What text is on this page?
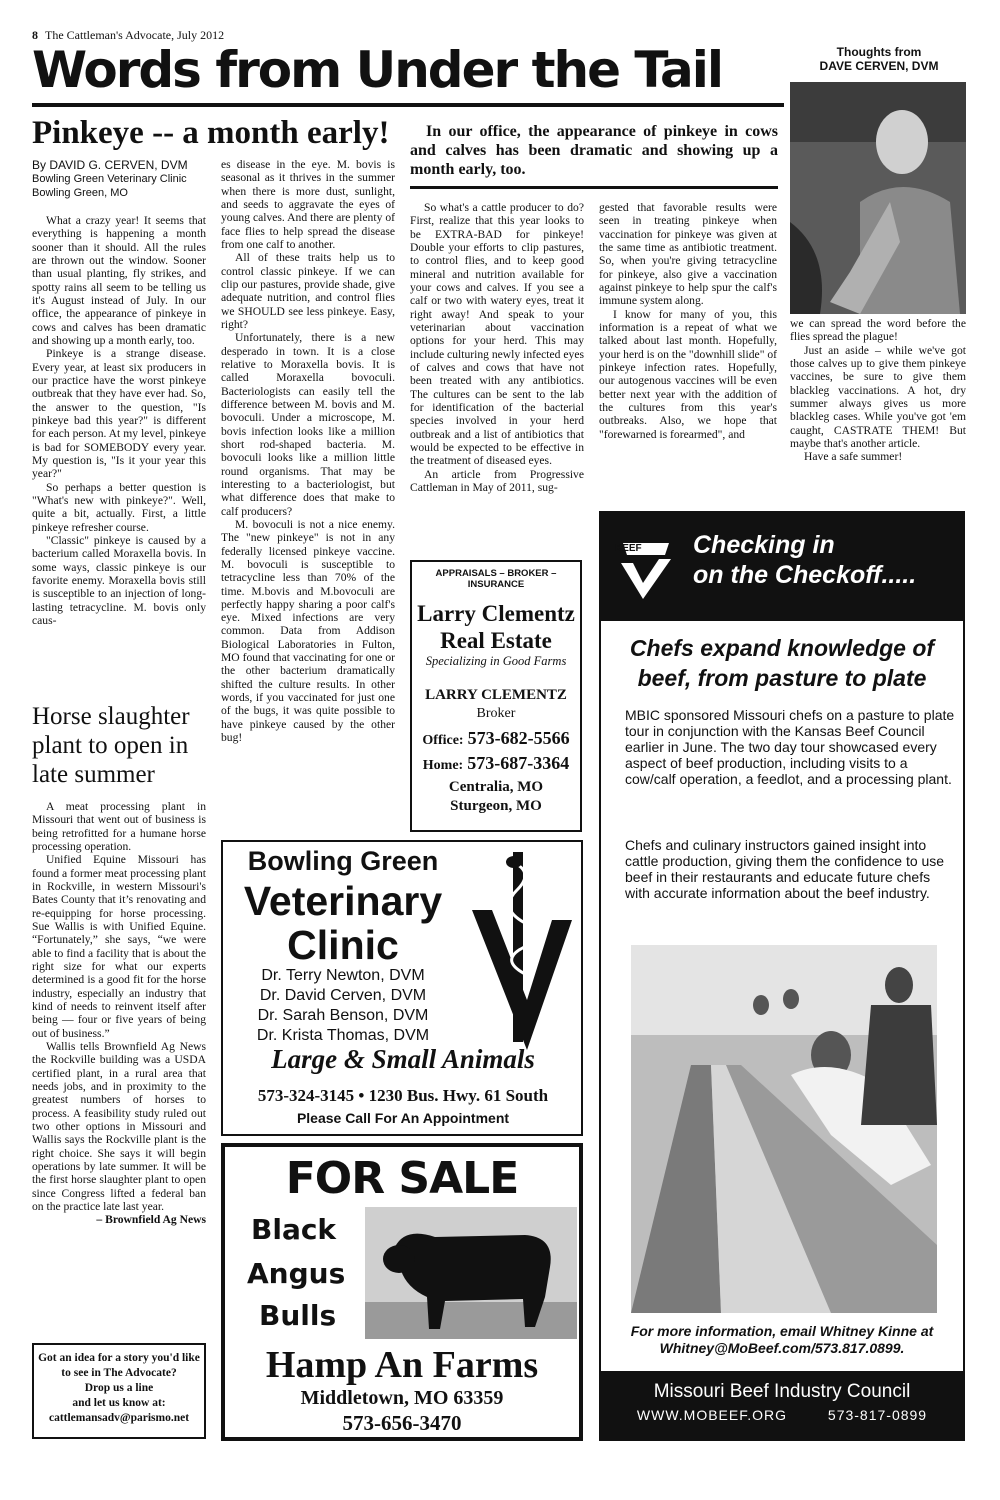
8 The Cattleman's Advocate, July 2012
Words from Under the Tail	Thoughts from
DAVE CERVEN, DVM
Pinkeye -- a month early!	In our office, the appearance of pinkeye in cows and calves has been dramatic and showing up a month early, too.
By DAVID G. CERVEN, DVM
Bowling Green Veterinary Clinic
Bowling Green, MO

What a crazy year! It seems that everything is happening a month sooner than it should. All the rules are thrown out the window. Sooner than usual planting, fly strikes, and spotty rains all seem to be telling us it's August instead of July. In our office, the appearance of pinkeye in cows and calves has been dramatic and showing up a month early, too.

Pinkeye is a strange disease. Every year, at least six producers in our practice have the worst pinkeye outbreak that they have ever had. So, the answer to the question, "Is pinkeye bad this year?" is different for each person. At my level, pinkeye is bad for SOMEBODY every year. My question is, "Is it your year this year?"

So perhaps a better question is "What's new with pinkeye?". Well, quite a bit, actually. First, a little pinkeye refresher course.

"Classic" pinkeye is caused by a bacterium called Moraxella bovis. In some ways, classic pinkeye is our favorite enemy. Moraxella bovis still is susceptible to an injection of long-lasting tetracycline. M. bovis only caus-

es disease in the eye. M. bovis is seasonal as it thrives in the summer when there is more dust, sunlight, and seeds to aggravate the eyes of young calves. And there are plenty of face flies to help spread the disease from one calf to another.

All of these traits help us to control classic pinkeye. If we can clip our pastures, provide shade, give adequate nutrition, and control flies we SHOULD see less pinkeye. Easy, right?

Unfortunately, there is a new desperado in town. It is a close relative to Moraxella bovis. It is called Moraxella bovoculi. Bacteriologists can easily tell the difference between M. bovis and M. bovoculi. Under a microscope, M. bovis infection looks like a million short rod-shaped bacteria. M. bovoculi looks like a million little round organisms. That may be interesting to a bacteriologist, but what difference does that make to calf producers?

M. bovoculi is not a nice enemy. The "new pinkeye" is not in any federally licensed pinkeye vaccine. M. bovoculi is susceptible to tetracycline less than 70% of the time. M.bovis and M.bovoculi are perfectly happy sharing a poor calf's eye. Mixed infections are very common. Data from Addison Biological Laboratories in Fulton, MO found that vaccinating for one or the other bacterium dramatically shifted the culture results. In other words, if you vaccinated for just one of the bugs, it was quite possible to have pinkeye caused by the other bug!

So what's a cattle producer to do? First, realize that this year looks to be EXTRA-BAD for pinkeye! Double your efforts to clip pastures, to control flies, and to keep good mineral and nutrition available for your cows and calves. If you see a calf or two with watery eyes, treat it right away! And speak to your veterinarian about vaccination options for your herd. This may include culturing newly infected eyes of calves and cows that have not been treated with any antibiotics. The cultures can be sent to the lab for identification of the bacterial species involved in your herd outbreak and a list of antibiotics that would be expected to be effective in the treatment of diseased eyes.

An article from Progressive Cattleman in May of 2011, sug-

gested that favorable results were seen in treating pinkeye when vaccination for pinkeye was given at the same time as antibiotic treatment. So, when you're giving tetracycline for pinkeye, also give a vaccination against pinkeye to help spur the calf's immune system along.

I know for many of you, this information is a repeat of what we talked about last month. Hopefully, your herd is on the "downhill slide" of pinkeye infection rates. Hopefully, our autogenous vaccines will be even better next year with the addition of the cultures from this year's outbreaks. Also, we hope that "forewarned is forearmed", and

we can spread the word before the flies spread the plague!

Just an aside – while we've got those calves up to give them pinkeye vaccines, be sure to give them blackleg vaccinations. A hot, dry summer always gives us more blackleg cases. While you've got 'em caught, CASTRATE THEM! But maybe that's another article.

Have a safe summer!

Horse slaughter plant to open in late summer

A meat processing plant in Missouri that went out of business is being retrofitted for a humane horse processing operation.

Unified Equine Missouri has found a former meat processing plant in Rockville, in western Missouri's Bates County that it’s renovating and re-equipping for horse processing. Sue Wallis is with Unified Equine. “Fortunately,” she says, “we were able to find a facility that is about the right size for what our experts determined is a good fit for the horse industry, especially an industry that kind of needs to reinvent itself after being — four or five years of being out of business.”

Wallis tells Brownfield Ag News the Rockville building was a USDA certified plant, in a rural area that needs jobs, and in proximity to the greatest numbers of horses to process. A feasibility study ruled out two other options in Missouri and Wallis says the Rockville plant is the right choice. She says it will begin operations by late summer. It will be the first horse slaughter plant to open since Congress lifted a federal ban on the practice late last year.

– Brownfield Ag News

Got an idea for a story you'd like to see in The Advocate?
Drop us a line
and let us know at:
cattlemansadv@parismo.net
APPRAISALS – BROKER – INSURANCE
Larry Clementz
Real Estate
Specializing in Good Farms
LARRY CLEMENTZ
Broker
Office: 573-682-5566
Home: 573-687-3364
Centralia, MO
Sturgeon, MO
Bowling Green
Veterinary
Clinic
Dr. Terry Newton, DVM
Dr. David Cerven, DVM
Dr. Sarah Benson, DVM
Dr. Krista Thomas, DVM
Large & Small Animals
573-324-3145 • 1230 Bus. Hwy. 61 South
Please Call For An Appointment
FOR SALE
Black
Angus
Bulls
Hamp An Farms
Middletown, MO 63359
573-656-3470
BEEF Checking in
on the Checkoff.....
Chefs expand knowledge of beef, from pasture to plate
MBIC sponsored Missouri chefs on a pasture to plate tour in conjunction with the Kansas Beef Council earlier in June. The two day tour showcased every aspect of beef production, including visits to a cow/calf operation, a feedlot, and a processing plant.
Chefs and culinary instructors gained insight into cattle production, giving them the confidence to use beef in their restaurants and educate future chefs with accurate information about the beef industry.
For more information, email Whitney Kinne at
Whitney@MoBeef.com/573.817.0899.
Missouri Beef Industry Council
WWW.MOBEEF.ORG	573-817-0899
